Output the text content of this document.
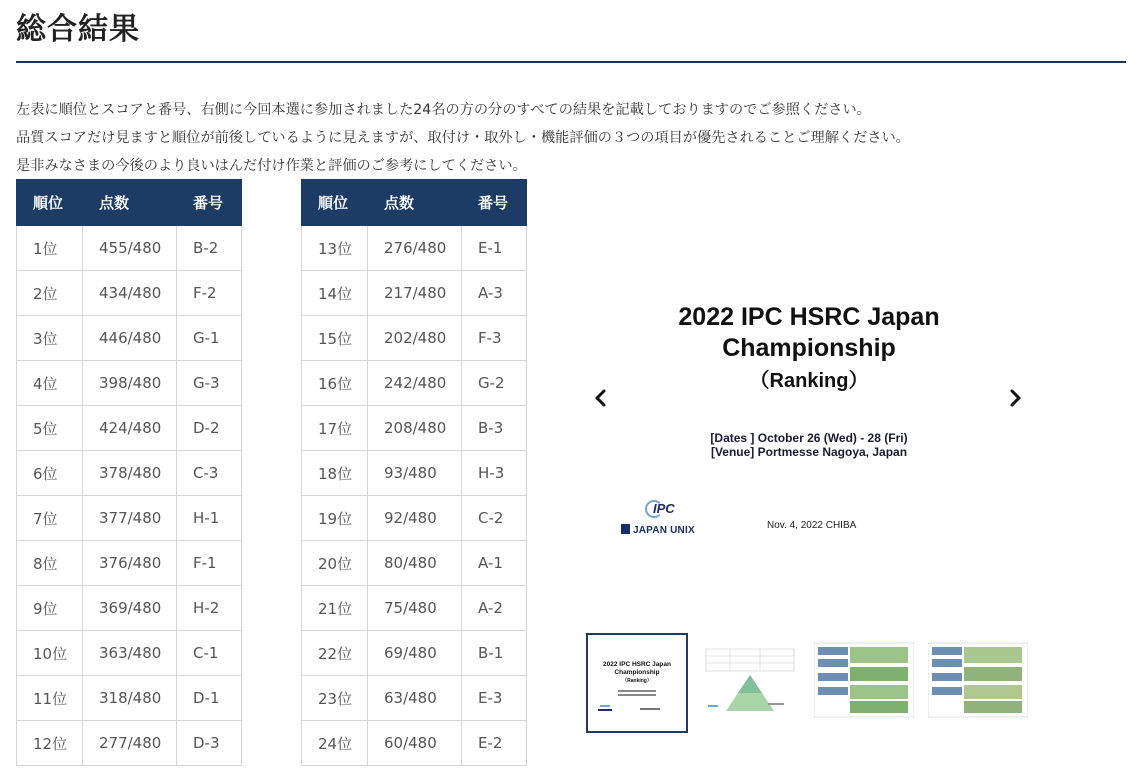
総合結果

左表に順位とスコアと番号、右側に今回本選に参加されました24名の方の分のすべての結果を記載しておりますのでご参照ください。

品質スコアだけ見ますと順位が前後しているように見えますが、取付け・取外し・機能評価の３つの項目が優先されることご理解ください。

是非みなさまの今後のより良いはんだ付け作業と評価のご参考にしてください。

順位	点数	番号
1位	455/480	B-2
2位	434/480	F-2
3位	446/480	G-1
4位	398/480	G-3
5位	424/480	D-2
6位	378/480	C-3
7位	377/480	H-1
8位	376/480	F-1
9位	369/480	H-2
10位	363/480	C-1
11位	318/480	D-1
12位	277/480	D-3
順位	点数	番号
13位	276/480	E-1
14位	217/480	A-3
15位	202/480	F-3
16位	242/480	G-2
17位	208/480	B-3
18位	93/480	H-3
19位	92/480	C-2
20位	80/480	A-1
21位	75/480	A-2
22位	69/480	B-1
23位	63/480	E-3
24位	60/480	E-2
2022 IPC HSRC Japan
Championship
（Ranking）
[Dates ] October 26 (Wed) - 28 (Fri)
[Venue] Portmesse Nagoya, Japan
IPC
JAPAN UNIX	Nov. 4, 2022 CHIBA
2022 IPC HSRC Japan
Championship
（Ranking）
